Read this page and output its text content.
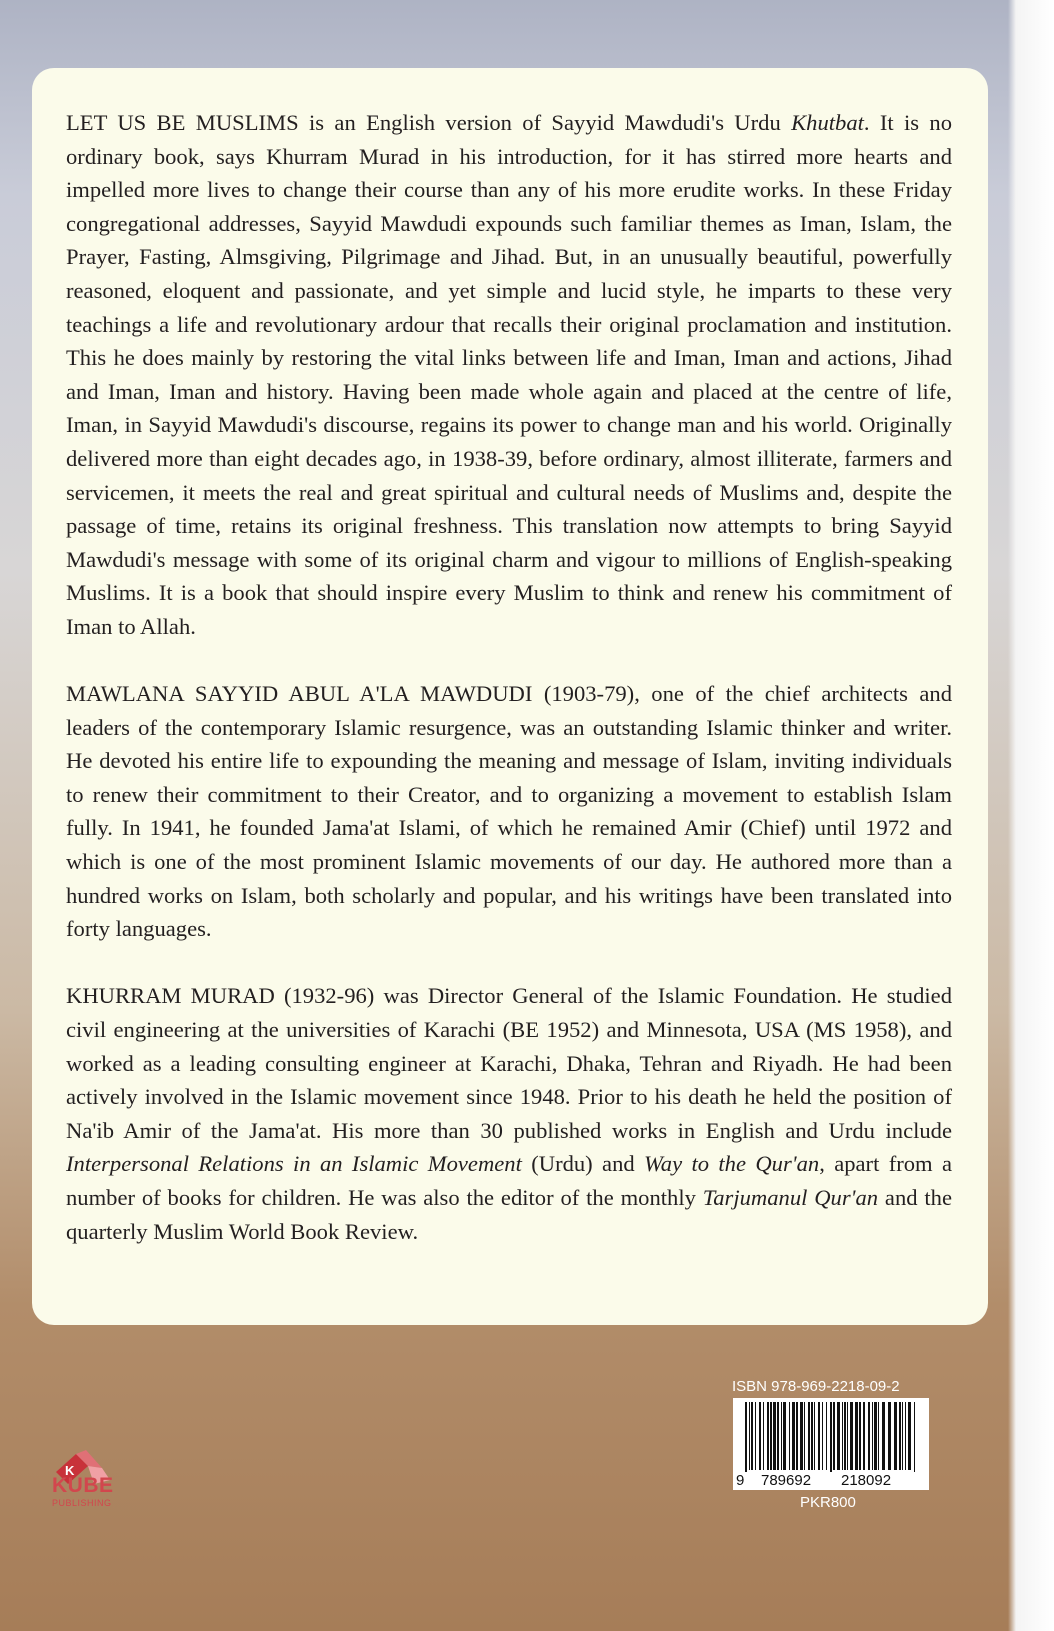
LET US BE MUSLIMS is an English version of Sayyid Mawdudi's Urdu Khutbat. It is no ordinary book, says Khurram Murad in his introduction, for it has stirred more hearts and impelled more lives to change their course than any of his more erudite works. In these Friday congregational addresses, Sayyid Mawdudi expounds such familiar themes as Iman, Islam, the Prayer, Fasting, Almsgiving, Pilgrimage and Jihad. But, in an unusually beautiful, powerfully reasoned, eloquent and passionate, and yet simple and lucid style, he imparts to these very teachings a life and revolutionary ardour that recalls their original proclamation and institution. This he does mainly by restoring the vital links between life and Iman, Iman and actions, Jihad and Iman, Iman and history. Having been made whole again and placed at the centre of life, Iman, in Sayyid Mawdudi's discourse, regains its power to change man and his world. Originally delivered more than eight decades ago, in 1938-39, before ordinary, almost illiterate, farmers and servicemen, it meets the real and great spiritual and cultural needs of Muslims and, despite the passage of time, retains its original freshness. This translation now attempts to bring Sayyid Mawdudi's message with some of its original charm and vigour to millions of English-speaking Muslims. It is a book that should inspire every Muslim to think and renew his commitment of Iman to Allah.

MAWLANA SAYYID ABUL A'LA MAWDUDI (1903-79), one of the chief architects and leaders of the contemporary Islamic resurgence, was an outstanding Islamic thinker and writer. He devoted his entire life to expounding the meaning and message of Islam, inviting individuals to renew their commitment to their Creator, and to organizing a movement to establish Islam fully. In 1941, he founded Jama'at Islami, of which he remained Amir (Chief) until 1972 and which is one of the most prominent Islamic movements of our day. He authored more than a hundred works on Islam, both scholarly and popular, and his writings have been translated into forty languages.

KHURRAM MURAD (1932-96) was Director General of the Islamic Foundation. He studied civil engineering at the universities of Karachi (BE 1952) and Minnesota, USA (MS 1958), and worked as a leading consulting engineer at Karachi, Dhaka, Tehran and Riyadh. He had been actively involved in the Islamic movement since 1948. Prior to his death he held the position of Na'ib Amir of the Jama'at. His more than 30 published works in English and Urdu include Interpersonal Relations in an Islamic Movement (Urdu) and Way to the Qur'an, apart from a number of books for children. He was also the editor of the monthly Tarjumanul Qur'an and the quarterly Muslim World Book Review.

K
KUBE
PUBLISHING
ISBN 978-969-2218-09-2
9 789692 218092
PKR800
